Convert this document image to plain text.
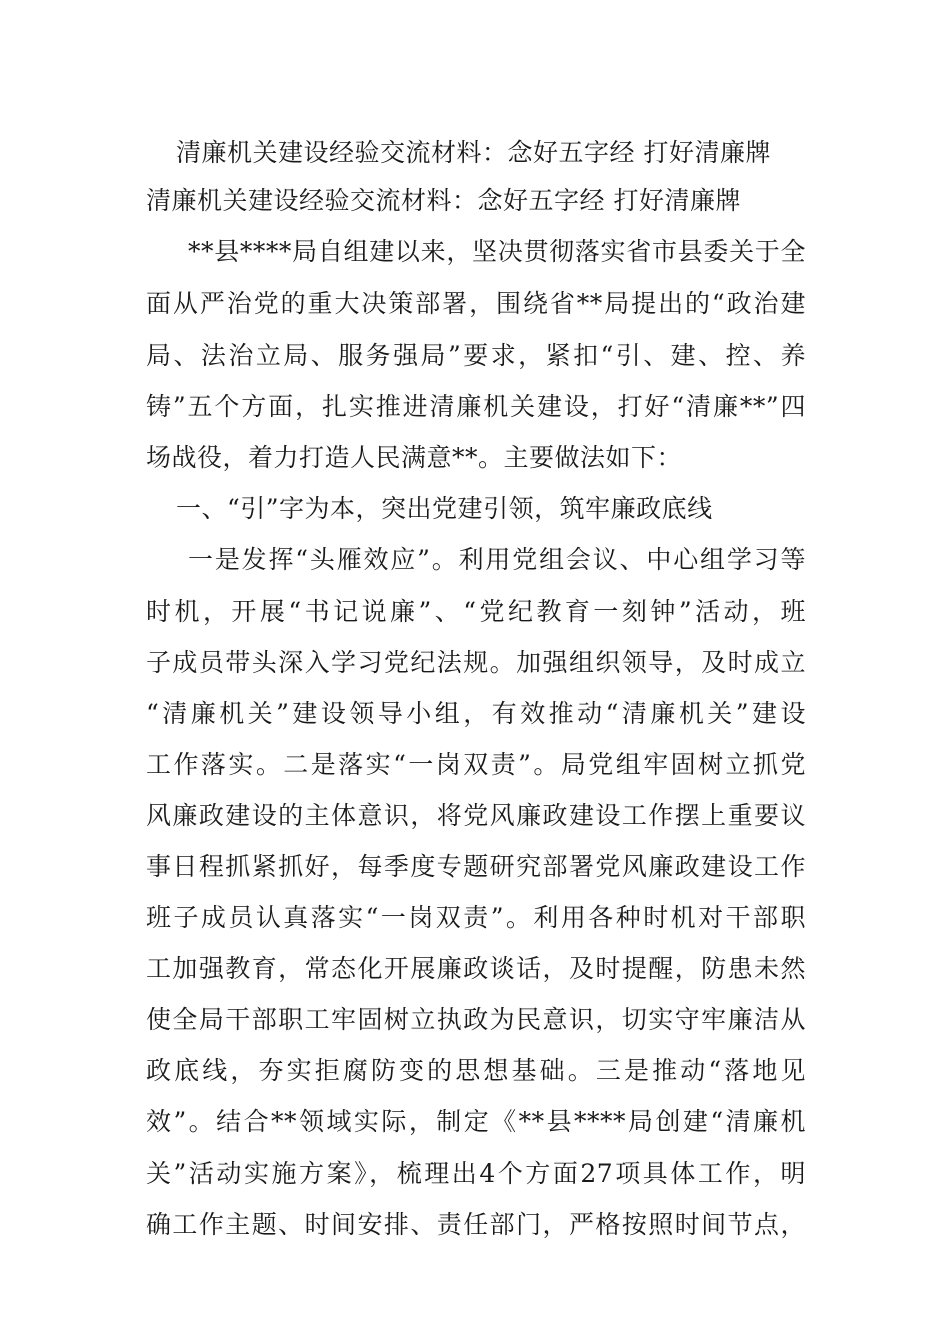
清廉机关建设经验交流材料：念好五字经 打好清廉牌
清廉机关建设经验交流材料：念好五字经 打好清廉牌
**县****局自组建以来，坚决贯彻落实省市县委关于全
面从严治党的重大决策部署，围绕省**局提出的“政治建
局、法治立局、服务强局”要求，紧扣“引、建、控、养
铸”五个方面，扎实推进清廉机关建设，打好“清廉**”四
场战役，着力打造人民满意**。主要做法如下：
一、“引”字为本，突出党建引领，筑牢廉政底线
一是发挥“头雁效应”。利用党组会议、中心组学习等
时机，开展“书记说廉”、“党纪教育一刻钟”活动，班
子成员带头深入学习党纪法规。加强组织领导，及时成立
“清廉机关”建设领导小组，有效推动“清廉机关”建设
工作落实。二是落实“一岗双责”。局党组牢固树立抓党
风廉政建设的主体意识，将党风廉政建设工作摆上重要议
事日程抓紧抓好，每季度专题研究部署党风廉政建设工作
班子成员认真落实“一岗双责”。利用各种时机对干部职
工加强教育，常态化开展廉政谈话，及时提醒，防患未然
使全局干部职工牢固树立执政为民意识，切实守牢廉洁从
政底线，夯实拒腐防变的思想基础。三是推动“落地见
效”。结合**领域实际，制定《**县****局创建“清廉机
关”活动实施方案》，梳理出4个方面27项具体工作，明
确工作主题、时间安排、责任部门，严格按照时间节点，
